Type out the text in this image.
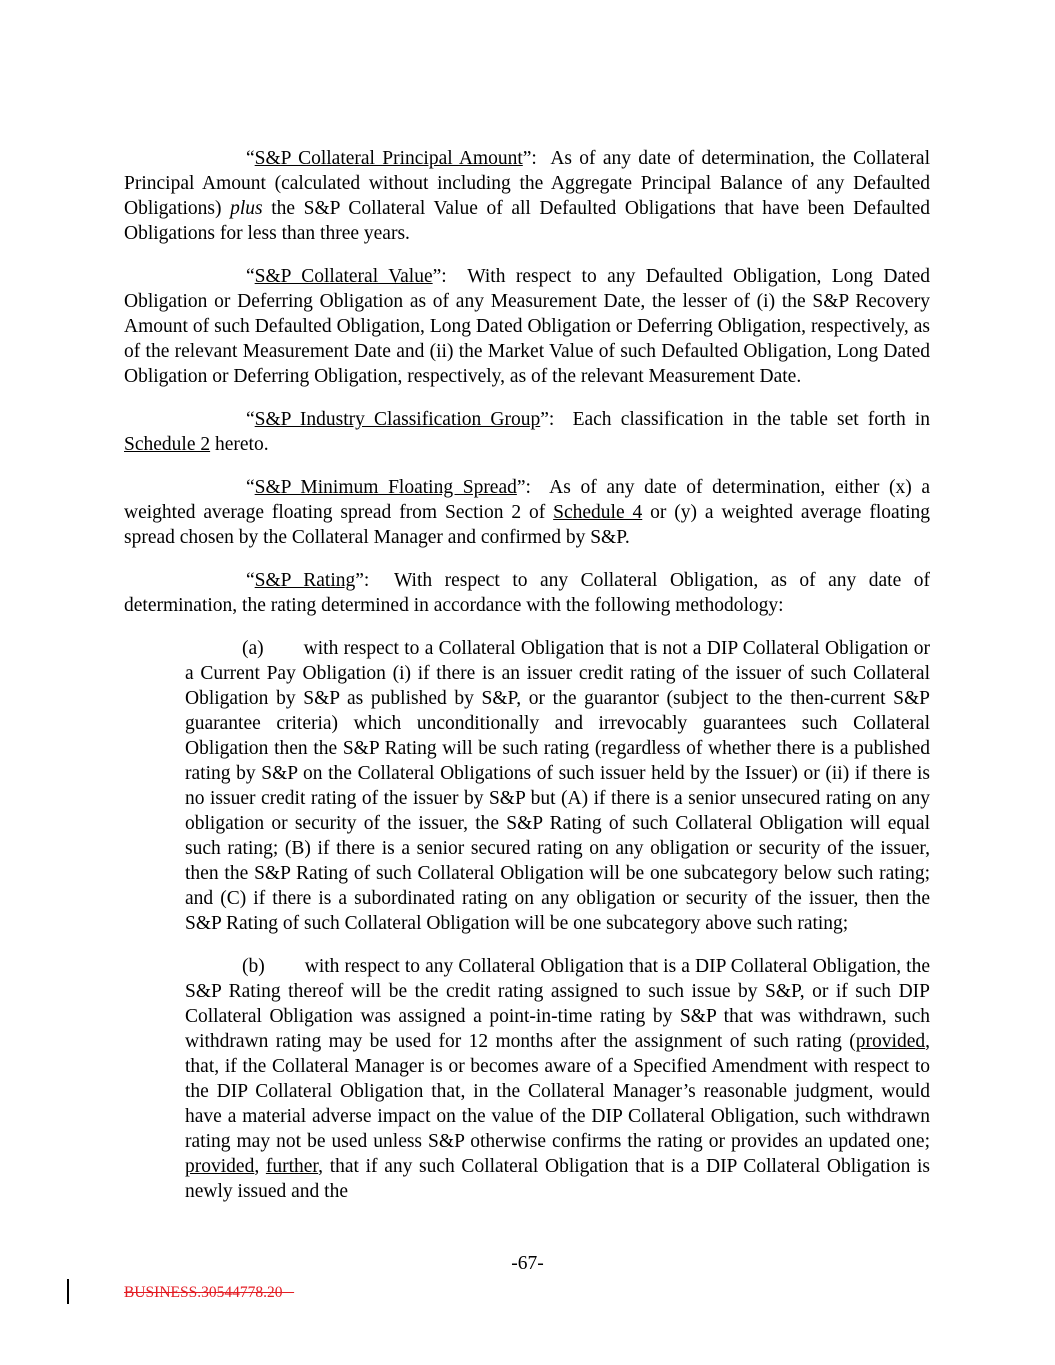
“S&P Collateral Principal Amount”:  As of any date of determination, the Collateral Principal Amount (calculated without including the Aggregate Principal Balance of any Defaulted Obligations) plus the S&P Collateral Value of all Defaulted Obligations that have been Defaulted Obligations for less than three years.

“S&P Collateral Value”:  With respect to any Defaulted Obligation, Long Dated Obligation or Deferring Obligation as of any Measurement Date, the lesser of (i) the S&P Recovery Amount of such Defaulted Obligation, Long Dated Obligation or Deferring Obligation, respectively, as of the relevant Measurement Date and (ii) the Market Value of such Defaulted Obligation, Long Dated Obligation or Deferring Obligation, respectively, as of the relevant Measurement Date.

“S&P Industry Classification Group”:  Each classification in the table set forth in Schedule 2 hereto.

“S&P Minimum Floating Spread”:  As of any date of determination, either (x) a weighted average floating spread from Section 2 of Schedule 4 or (y) a weighted average floating spread chosen by the Collateral Manager and confirmed by S&P.

“S&P Rating”:  With respect to any Collateral Obligation, as of any date of determination, the rating determined in accordance with the following methodology:

(a) with respect to a Collateral Obligation that is not a DIP Collateral Obligation or a Current Pay Obligation (i) if there is an issuer credit rating of the issuer of such Collateral Obligation by S&P as published by S&P, or the guarantor (subject to the then-current S&P guarantee criteria) which unconditionally and irrevocably guarantees such Collateral Obligation then the S&P Rating will be such rating (regardless of whether there is a published rating by S&P on the Collateral Obligations of such issuer held by the Issuer) or (ii) if there is no issuer credit rating of the issuer by S&P but (A) if there is a senior unsecured rating on any obligation or security of the issuer, the S&P Rating of such Collateral Obligation will equal such rating; (B) if there is a senior secured rating on any obligation or security of the issuer, then the S&P Rating of such Collateral Obligation will be one subcategory below such rating; and (C) if there is a subordinated rating on any obligation or security of the issuer, then the S&P Rating of such Collateral Obligation will be one subcategory above such rating;

(b) with respect to any Collateral Obligation that is a DIP Collateral Obligation, the S&P Rating thereof will be the credit rating assigned to such issue by S&P, or if such DIP Collateral Obligation was assigned a point-in-time rating by S&P that was withdrawn, such withdrawn rating may be used for 12 months after the assignment of such rating (provided, that, if the Collateral Manager is or becomes aware of a Specified Amendment with respect to the DIP Collateral Obligation that, in the Collateral Manager’s reasonable judgment, would have a material adverse impact on the value of the DIP Collateral Obligation, such withdrawn rating may not be used unless S&P otherwise confirms the rating or provides an updated one; provided, further, that if any such Collateral Obligation that is a DIP Collateral Obligation is newly issued and the

-67-
BUSINESS.30544778.20
